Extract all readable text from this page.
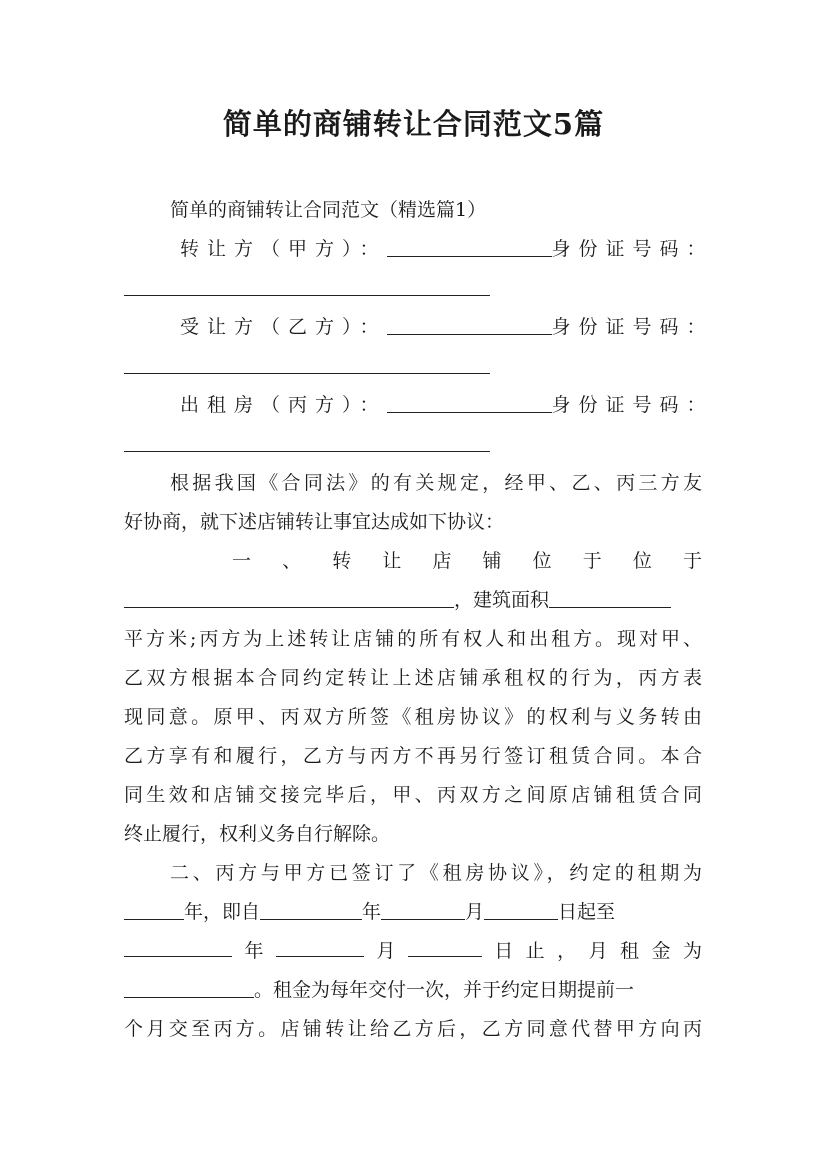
简单的商铺转让合同范文5篇
简单的商铺转让合同范文（精选篇1）
转让方（甲方）：	身份证号码：
受让方（乙方）：	身份证号码：
出租房（丙方）：	身份证号码：
根据我国《合同法》的有关规定，经甲、乙、丙三方友
好协商，就下述店铺转让事宜达成如下协议：
一 、 转 让 店 铺 位 于 位 于
，建筑面积
平方米;丙方为上述转让店铺的所有权人和出租方。现对甲、
乙双方根据本合同约定转让上述店铺承租权的行为，丙方表
现同意。原甲、丙双方所签《租房协议》的权利与义务转由
乙方享有和履行，乙方与丙方不再另行签订租赁合同。本合
同生效和店铺交接完毕后，甲、丙双方之间原店铺租赁合同
终止履行，权利义务自行解除。
二、丙方与甲方已签订了《租房协议》，约定的租期为
年，即自	年	月	日起至
年	月	日 止 ， 月 租 金 为
。租金为每年交付一次，并于约定日期提前一
个月交至丙方。店铺转让给乙方后，乙方同意代替甲方向丙
